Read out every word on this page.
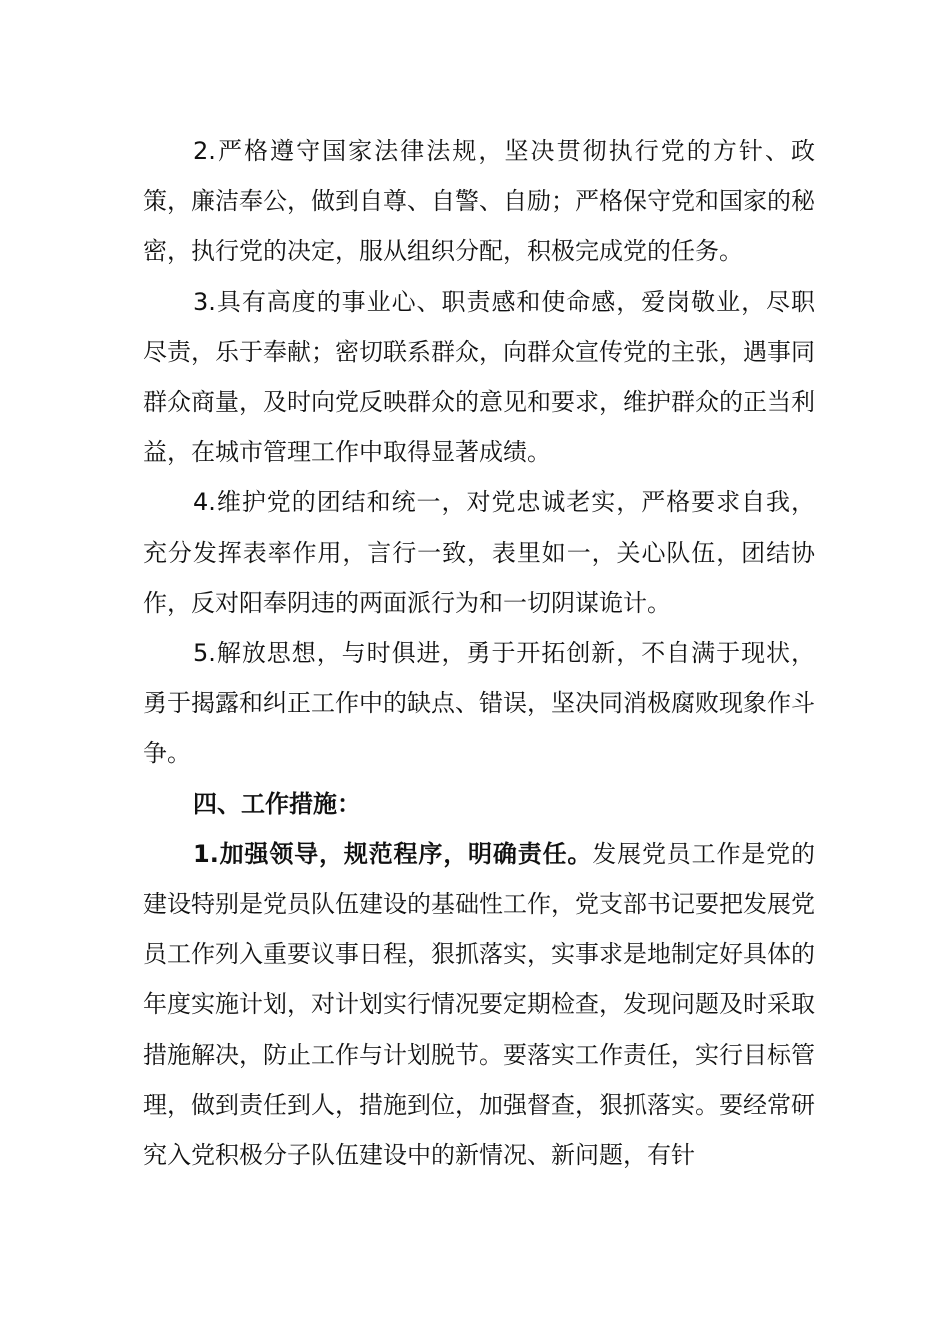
2.严格遵守国家法律法规，坚决贯彻执行党的方针、政策，廉洁奉公，做到自尊、自警、自励；严格保守党和国家的秘密，执行党的决定，服从组织分配，积极完成党的任务。

3.具有高度的事业心、职责感和使命感，爱岗敬业，尽职尽责，乐于奉献；密切联系群众，向群众宣传党的主张，遇事同群众商量，及时向党反映群众的意见和要求，维护群众的正当利益，在城市管理工作中取得显著成绩。

4.维护党的团结和统一，对党忠诚老实，严格要求自我，充分发挥表率作用，言行一致，表里如一，关心队伍，团结协作，反对阳奉阴违的两面派行为和一切阴谋诡计。

5.解放思想，与时俱进，勇于开拓创新，不自满于现状，勇于揭露和纠正工作中的缺点、错误，坚决同消极腐败现象作斗争。

四、工作措施：

1.加强领导，规范程序，明确责任。发展党员工作是党的建设特别是党员队伍建设的基础性工作，党支部书记要把发展党员工作列入重要议事日程，狠抓落实，实事求是地制定好具体的年度实施计划，对计划实行情况要定期检查，发现问题及时采取措施解决，防止工作与计划脱节。要落实工作责任，实行目标管理，做到责任到人，措施到位，加强督查，狠抓落实。要经常研究入党积极分子队伍建设中的新情况、新问题，有针
